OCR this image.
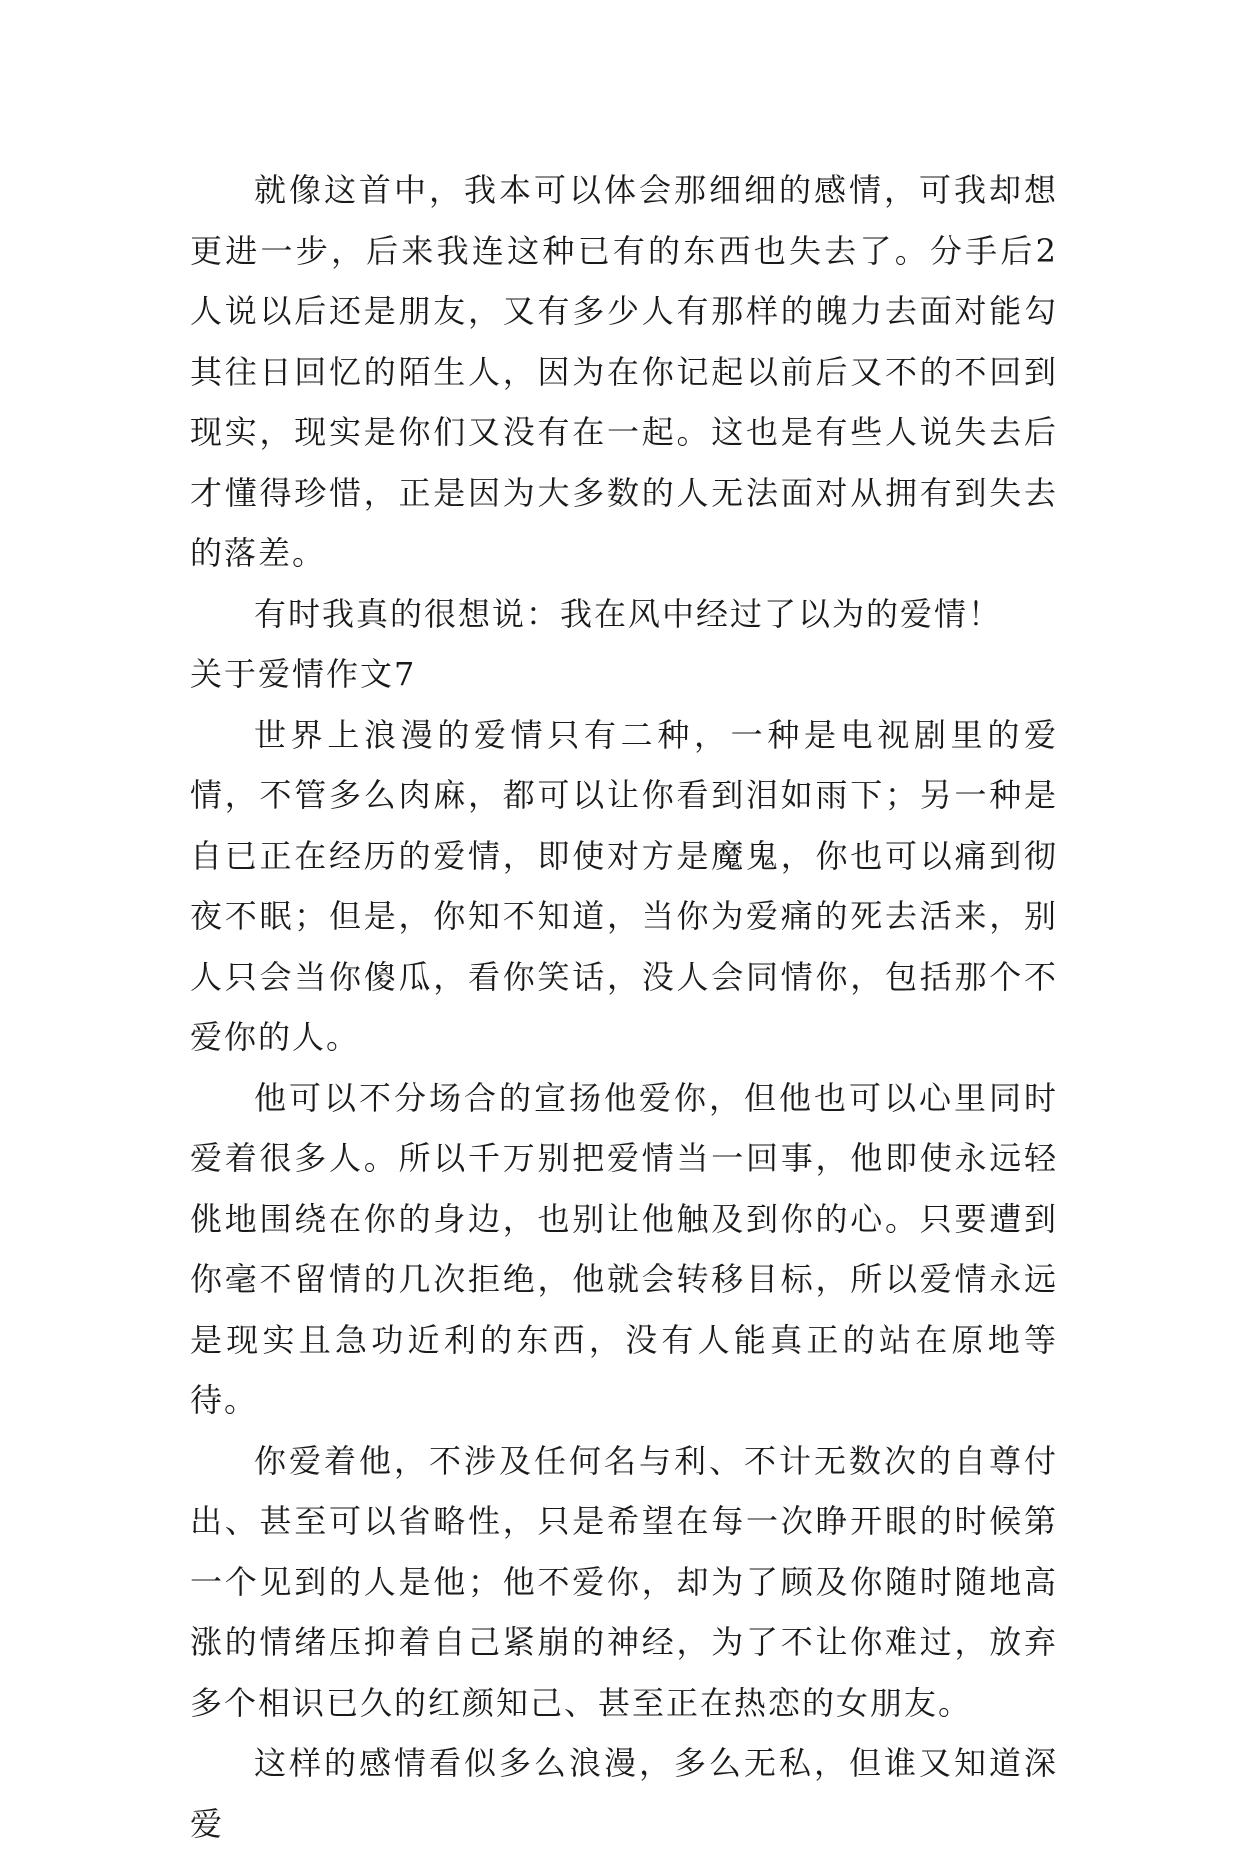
就像这首中，我本可以体会那细细的感情，可我却想更进一步，后来我连这种已有的东西也失去了。分手后2人说以后还是朋友，又有多少人有那样的魄力去面对能勾其往日回忆的陌生人，因为在你记起以前后又不的不回到现实，现实是你们又没有在一起。这也是有些人说失去后才懂得珍惜，正是因为大多数的人无法面对从拥有到失去的落差。

有时我真的很想说：我在风中经过了以为的爱情！

关于爱情作文7

世界上浪漫的爱情只有二种，一种是电视剧里的爱情，不管多么肉麻，都可以让你看到泪如雨下；另一种是自已正在经历的爱情，即使对方是魔鬼，你也可以痛到彻夜不眠；但是，你知不知道，当你为爱痛的死去活来，别人只会当你傻瓜，看你笑话，没人会同情你，包括那个不爱你的人。

他可以不分场合的宣扬他爱你，但他也可以心里同时爱着很多人。所以千万别把爱情当一回事，他即使永远轻佻地围绕在你的身边，也别让他触及到你的心。只要遭到你毫不留情的几次拒绝，他就会转移目标，所以爱情永远是现实且急功近利的东西，没有人能真正的站在原地等待。

你爱着他，不涉及任何名与利、不计无数次的自尊付出、甚至可以省略性，只是希望在每一次睁开眼的时候第一个见到的人是他；他不爱你，却为了顾及你随时随地高涨的情绪压抑着自己紧崩的神经，为了不让你难过，放弃多个相识已久的红颜知己、甚至正在热恋的女朋友。

这样的感情看似多么浪漫，多么无私，但谁又知道深爱
